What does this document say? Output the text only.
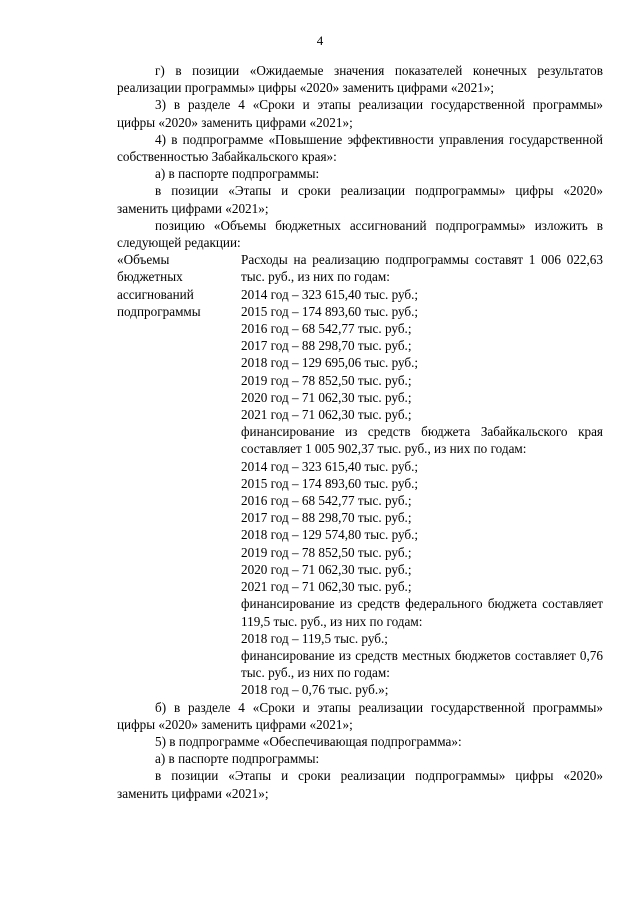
4

г) в позиции «Ожидаемые значения показателей конечных результатов реализации программы» цифры «2020» заменить цифрами «2021»;

3) в разделе 4 «Сроки и этапы реализации государственной программы» цифры «2020» заменить цифрами «2021»;

4) в подпрограмме «Повышение эффективности управления государственной собственностью Забайкальского края»:

а) в паспорте подпрограммы:

в позиции «Этапы и сроки реализации подпрограммы» цифры «2020» заменить цифрами «2021»;

позицию «Объемы бюджетных ассигнований подпрограммы» изложить в следующей редакции:

«Объемы
бюджетных
ассигнований
подпрограммы
Расходы на реализацию подпрограммы составят 1 006 022,63 тыс. руб., из них по годам:
2014 год – 323 615,40 тыс. руб.;
2015 год – 174 893,60 тыс. руб.;
2016 год – 68 542,77 тыс. руб.;
2017 год – 88 298,70 тыс. руб.;
2018 год – 129 695,06 тыс. руб.;
2019 год – 78 852,50 тыс. руб.;
2020 год – 71 062,30 тыс. руб.;
2021 год – 71 062,30 тыс. руб.;
финансирование из средств бюджета Забайкальского края составляет 1 005 902,37 тыс. руб., из них по годам:
2014 год – 323 615,40 тыс. руб.;
2015 год – 174 893,60 тыс. руб.;
2016 год – 68 542,77 тыс. руб.;
2017 год – 88 298,70 тыс. руб.;
2018 год – 129 574,80 тыс. руб.;
2019 год – 78 852,50 тыс. руб.;
2020 год – 71 062,30 тыс. руб.;
2021 год – 71 062,30 тыс. руб.;
финансирование из средств федерального бюджета составляет 119,5 тыс. руб., из них по годам:
2018 год – 119,5 тыс. руб.;
финансирование из средств местных бюджетов составляет 0,76 тыс. руб., из них по годам:
2018 год – 0,76 тыс. руб.»;

б) в разделе 4 «Сроки и этапы реализации государственной программы» цифры «2020» заменить цифрами «2021»;

5) в подпрограмме «Обеспечивающая подпрограмма»:

а) в паспорте подпрограммы:

в позиции «Этапы и сроки реализации подпрограммы» цифры «2020» заменить цифрами «2021»;
